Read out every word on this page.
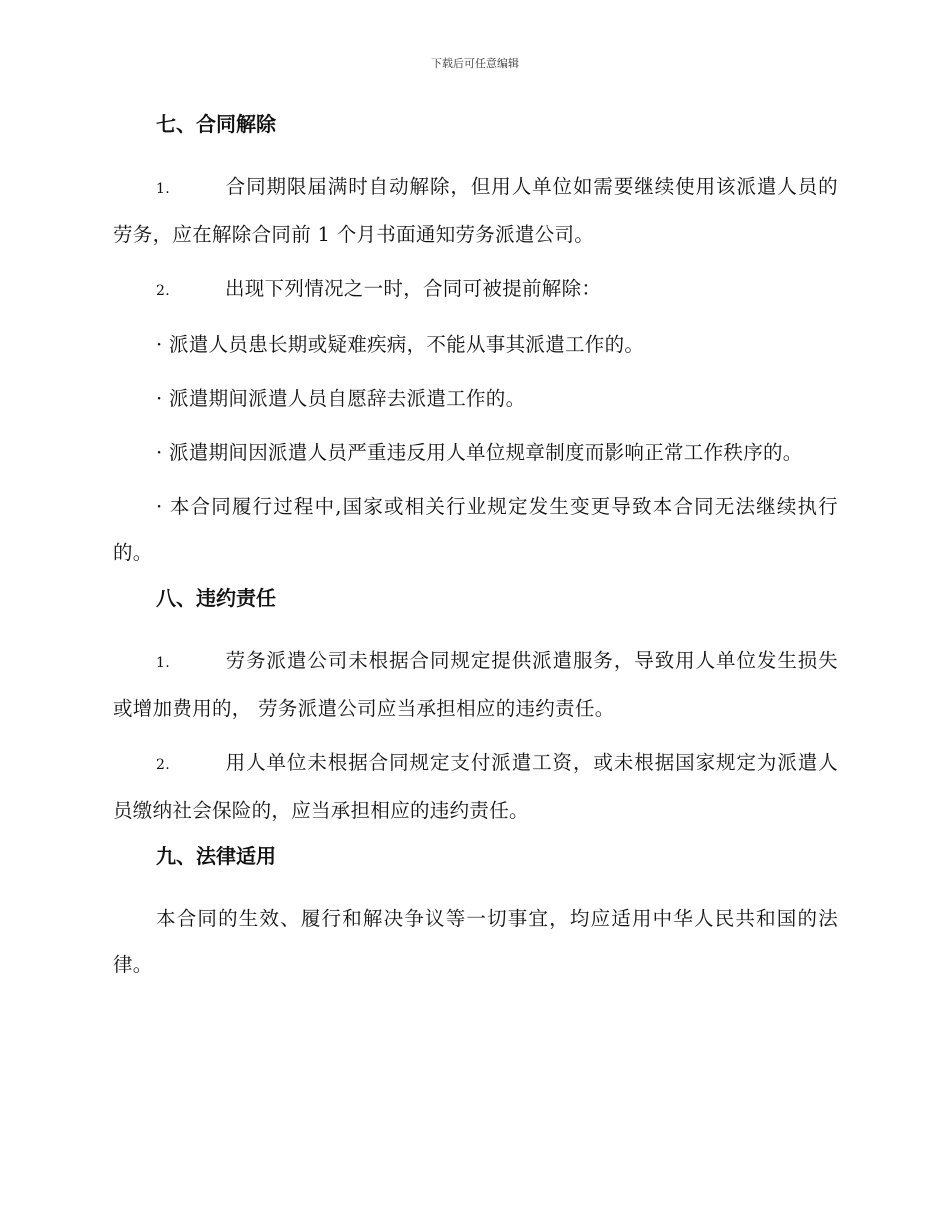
下载后可任意编辑
七、合同解除

1.	合同期限届满时自动解除，但用人单位如需要继续使用该派遣人员的劳务，应在解除合同前 1 个月书面通知劳务派遣公司。

2.	出现下列情况之一时，合同可被提前解除：

· 派遣人员患长期或疑难疾病，不能从事其派遣工作的。

· 派遣期间派遣人员自愿辞去派遣工作的。

· 派遣期间因派遣人员严重违反用人单位规章制度而影响正常工作秩序的。

· 本合同履行过程中,国家或相关行业规定发生变更导致本合同无法继续执行的。

八、违约责任

1.	劳务派遣公司未根据合同规定提供派遣服务，导致用人单位发生损失或增加费用的， 劳务派遣公司应当承担相应的违约责任。

2.	用人单位未根据合同规定支付派遣工资，或未根据国家规定为派遣人员缴纳社会保险的，应当承担相应的违约责任。

九、法律适用

本合同的生效、履行和解决争议等一切事宜，均应适用中华人民共和国的法律。
